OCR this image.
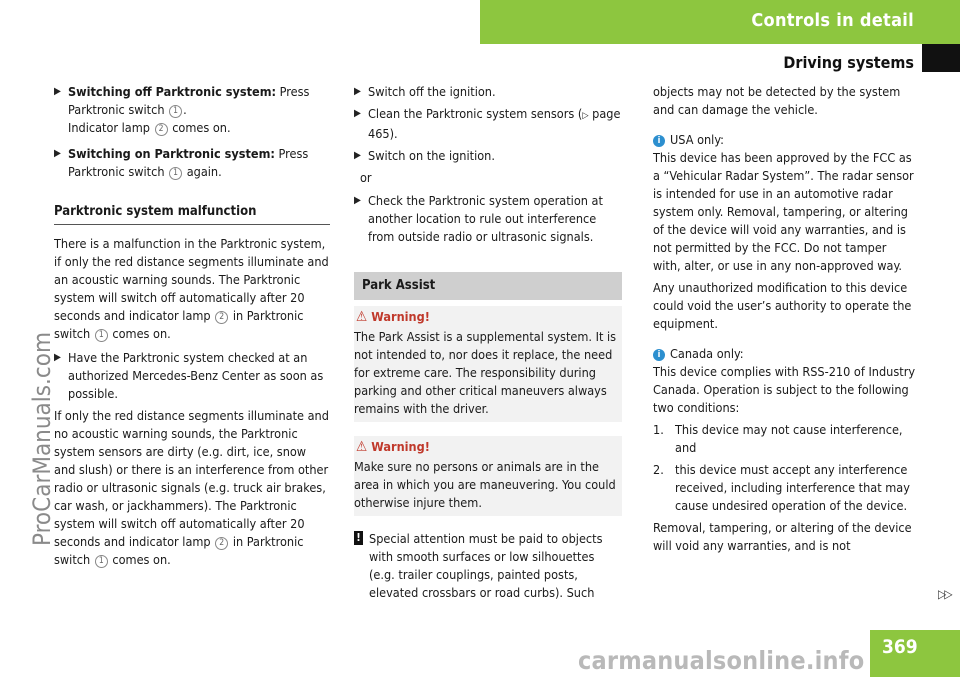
Controls in detail
Driving systems
ProCarManuals.com
▶ Switching off Parktronic system: Press Parktronic switch 1 .
Indicator lamp 2 comes on.
▶ Switching on Parktronic system: Press Parktronic switch 1 again.
Parktronic system malfunction

There is a malfunction in the Parktronic system, if only the red distance segments illuminate and an acoustic warning sounds. The Parktronic system will switch off automatically after 20 seconds and indicator lamp 2 in Parktronic switch 1 comes on.

▶ Have the Parktronic system checked at an authorized Mercedes-Benz Center as soon as possible.

If only the red distance segments illuminate and no acoustic warning sounds, the Parktronic system sensors are dirty (e.g. dirt, ice, snow and slush) or there is an interference from other radio or ultrasonic signals (e.g. truck air brakes, car wash, or jackhammers). The Parktronic system will switch off automatically after 20 seconds and indicator lamp 2 in Parktronic switch 1 comes on.

▶ Switch off the ignition.
▶ Clean the Parktronic system sensors (▷ page 465).
▶ Switch on the ignition.
or
▶ Check the Parktronic system operation at another location to rule out interference from outside radio or ultrasonic signals.
Park Assist
⚠ Warning!
The Park Assist is a supplemental system. It is not intended to, nor does it replace, the need for extreme care. The responsibility during parking and other critical maneuvers always remains with the driver.
⚠ Warning!
Make sure no persons or animals are in the area in which you are maneuvering. You could otherwise injure them.
! Special attention must be paid to objects with smooth surfaces or low silhouettes (e.g. trailer couplings, painted posts, elevated crossbars or road curbs). Such

objects may not be detected by the system and can damage the vehicle.

i USA only:

This device has been approved by the FCC as a “Vehicular Radar System”. The radar sensor is intended for use in an automotive radar system only. Removal, tampering, or altering of the device will void any warranties, and is not permitted by the FCC. Do not tamper with, alter, or use in any non-approved way.

Any unauthorized modification to this device could void the user’s authority to operate the equipment.

i Canada only:

This device complies with RSS-210 of Industry Canada. Operation is subject to the following two conditions:

1. This device may not cause interference, and
2. this device must accept any interference received, including interference that may cause undesired operation of the device.

Removal, tampering, or altering of the device will void any warranties, and is not

▷▷
369
carmanualsonline.info
